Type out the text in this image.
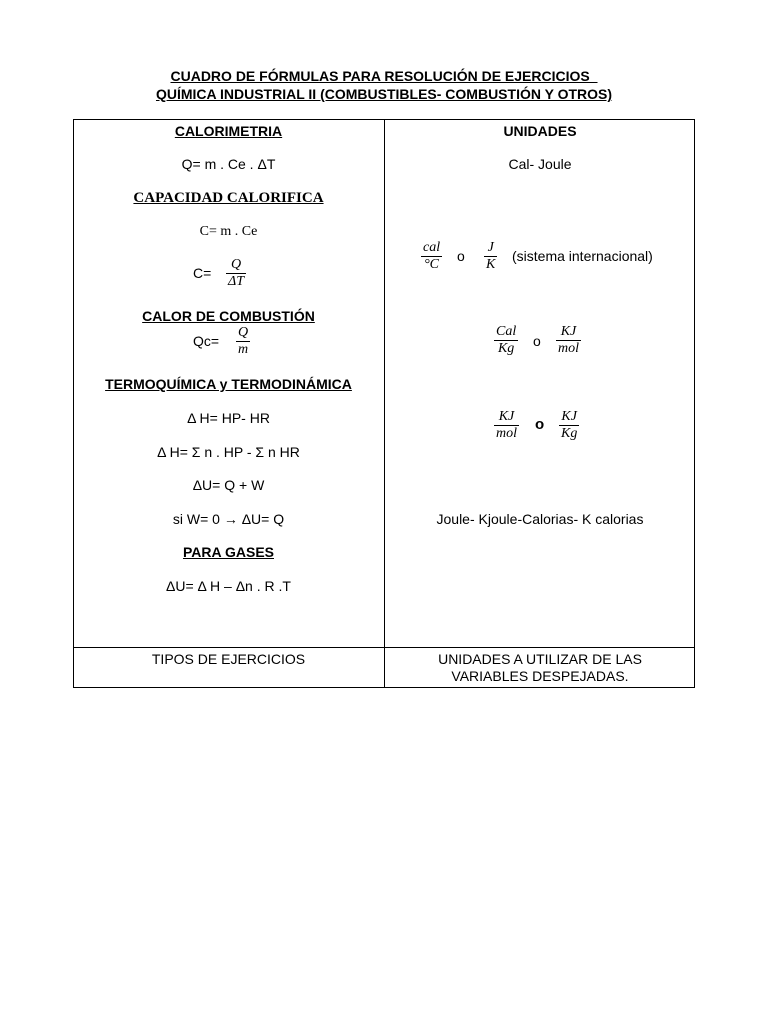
CUADRO DE FÓRMULAS PARA RESOLUCIÓN DE EJERCICIOS
QUÍMICA INDUSTRIAL II (COMBUSTIBLES- COMBUSTIÓN Y OTROS)
CALORIMETRIA
Q= m . Ce . ΔT
CAPACIDAD CALORIFICA
C= m . Ce
C=
Q
ΔT
CALOR DE COMBUSTIÓN
Qc=
Q
m
TERMOQUÍMICA y TERMODINÁMICA
Δ H= HP- HR
Δ H= Σ n . HP - Σ n HR
ΔU= Q + W
si W= 0 → ΔU= Q
PARA GASES
ΔU= Δ H – Δn . R .T
UNIDADES
Cal- Joule
cal
°C
o
J
K
(sistema internacional)
Cal
Kg o
KJ
mol
KJ
mol
o KJ
Kg
Joule- Kjoule-Calorias- K calorias
TIPOS DE EJERCICIOS	UNIDADES A UTILIZAR DE LAS
VARIABLES DESPEJADAS.
